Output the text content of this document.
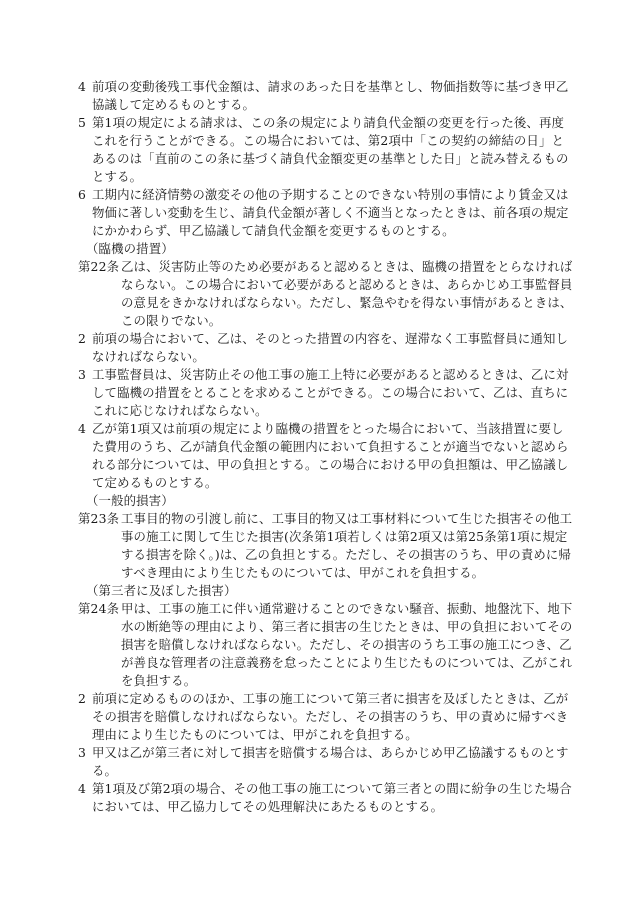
4 前項の変動後残工事代金額は、請求のあった日を基準とし、物価指数等に基づき甲乙協議して定めるものとする。
5 第1項の規定による請求は、この条の規定により請負代金額の変更を行った後、再度これを行うことができる。この場合においては、第2項中「この契約の締結の日」とあるのは「直前のこの条に基づく請負代金額変更の基準とした日」と読み替えるものとする。
6 工期内に経済情勢の激変その他の予期することのできない特別の事情により賃金又は物価に著しい変動を生じ、請負代金額が著しく不適当となったときは、前各項の規定にかかわらず、甲乙協議して請負代金額を変更するものとする。
（臨機の措置）
第22条 乙は、災害防止等のため必要があると認めるときは、臨機の措置をとらなければならない。この場合において必要があると認めるときは、あらかじめ工事監督員の意見をきかなければならない。ただし、緊急やむを得ない事情があるときは、この限りでない。
2 前項の場合において、乙は、そのとった措置の内容を、遅滞なく工事監督員に通知しなければならない。
3 工事監督員は、災害防止その他工事の施工上特に必要があると認めるときは、乙に対して臨機の措置をとることを求めることができる。この場合において、乙は、直ちにこれに応じなければならない。
4 乙が第1項又は前項の規定により臨機の措置をとった場合において、当該措置に要した費用のうち、乙が請負代金額の範囲内において負担することが適当でないと認められる部分については、甲の負担とする。この場合における甲の負担額は、甲乙協議して定めるものとする。
（一般的損害）
第23条 工事目的物の引渡し前に、工事目的物又は工事材料について生じた損害その他工事の施工に関して生じた損害(次条第1項若しくは第2項又は第25条第1項に規定する損害を除く。)は、乙の負担とする。ただし、その損害のうち、甲の責めに帰すべき理由により生じたものについては、甲がこれを負担する。
（第三者に及ぼした損害）
第24条 甲は、工事の施工に伴い通常避けることのできない騒音、振動、地盤沈下、地下水の断絶等の理由により、第三者に損害の生じたときは、甲の負担においてその損害を賠償しなければならない。ただし、その損害のうち工事の施工につき、乙が善良な管理者の注意義務を怠ったことにより生じたものについては、乙がこれを負担する。
2 前項に定めるもののほか、工事の施工について第三者に損害を及ぼしたときは、乙がその損害を賠償しなければならない。ただし、その損害のうち、甲の責めに帰すべき理由により生じたものについては、甲がこれを負担する。
3 甲又は乙が第三者に対して損害を賠償する場合は、あらかじめ甲乙協議するものとする。
4 第1項及び第2項の場合、その他工事の施工について第三者との間に紛争の生じた場合においては、甲乙協力してその処理解決にあたるものとする。
